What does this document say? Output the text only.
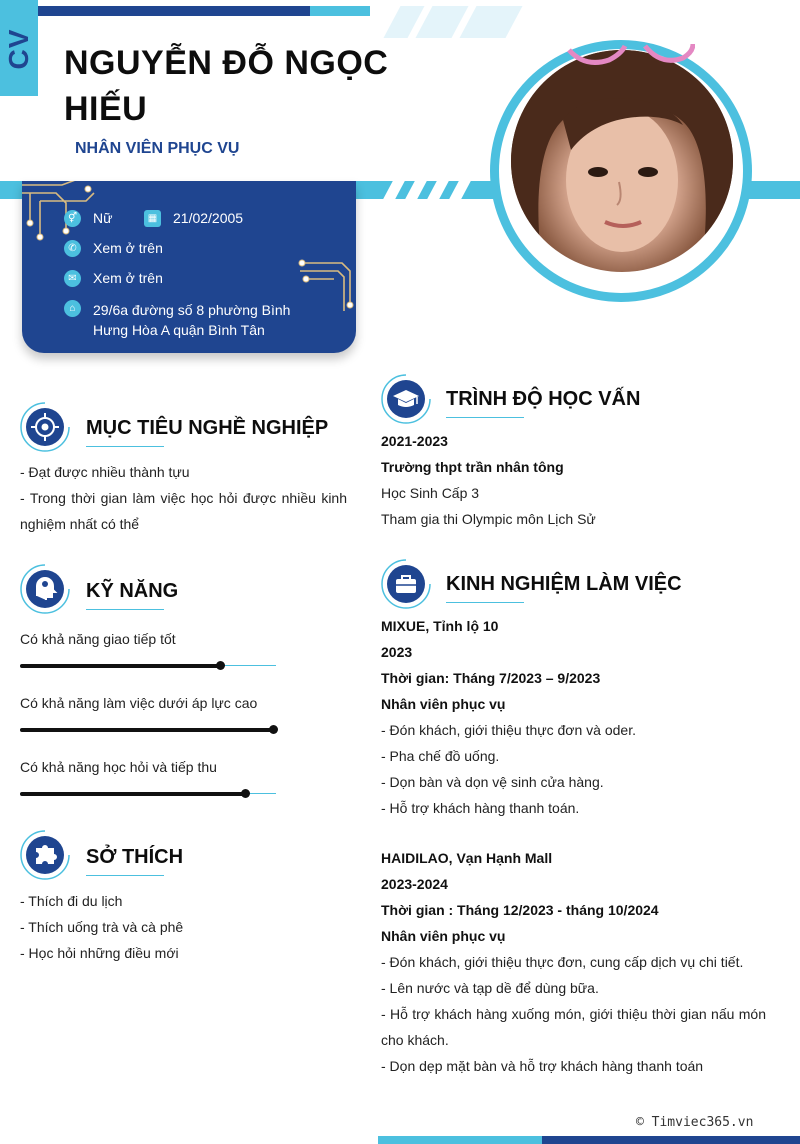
CV NGUYỄN ĐỖ NGỌC
HIẾU
NHÂN VIÊN PHỤC VỤ
⚥ Nữ	▦ 21/02/2005
✆	Xem ở trên
✉	Xem ở trên
⌂	29/6a đường số 8 phường Bình
Hưng Hòa A quận Bình Tân
MỤC TIÊU NGHỀ NGHIỆP
- Đạt được nhiều thành tựu
- Trong thời gian làm việc học hỏi được nhiều kinh
nghiệm nhất có thể
KỸ NĂNG
Có khả năng giao tiếp tốt
Có khả năng làm việc dưới áp lực cao
Có khả năng học hỏi và tiếp thu
SỞ THÍCH
- Thích đi du lịch
- Thích uống trà và cà phê
- Học hỏi những điều mới
TRÌNH ĐỘ HỌC VẤN
2021-2023
Trường thpt trần nhân tông
Học Sinh Cấp 3
Tham gia thi Olympic môn Lịch Sử
KINH NGHIỆM LÀM VIỆC
MIXUE, Tỉnh lộ 10
2023
Thời gian: Tháng 7/2023 – 9/2023
Nhân viên phục vụ
- Đón khách, giới thiệu thực đơn và oder.
- Pha chế đồ uống.
- Dọn bàn và dọn vệ sinh cửa hàng.
- Hỗ trợ khách hàng thanh toán.
HAIDILAO, Vạn Hạnh Mall
2023-2024
Thời gian : Tháng 12/2023 - tháng 10/2024
Nhân viên phục vụ
- Đón khách, giới thiệu thực đơn, cung cấp dịch vụ chi tiết.
- Lên nước và tạp dề để dùng bữa.
- Hỗ trợ khách hàng xuống món, giới thiệu thời gian nấu món
cho khách.
- Dọn dẹp mặt bàn và hỗ trợ khách hàng thanh toán
© Timviec365.vn
